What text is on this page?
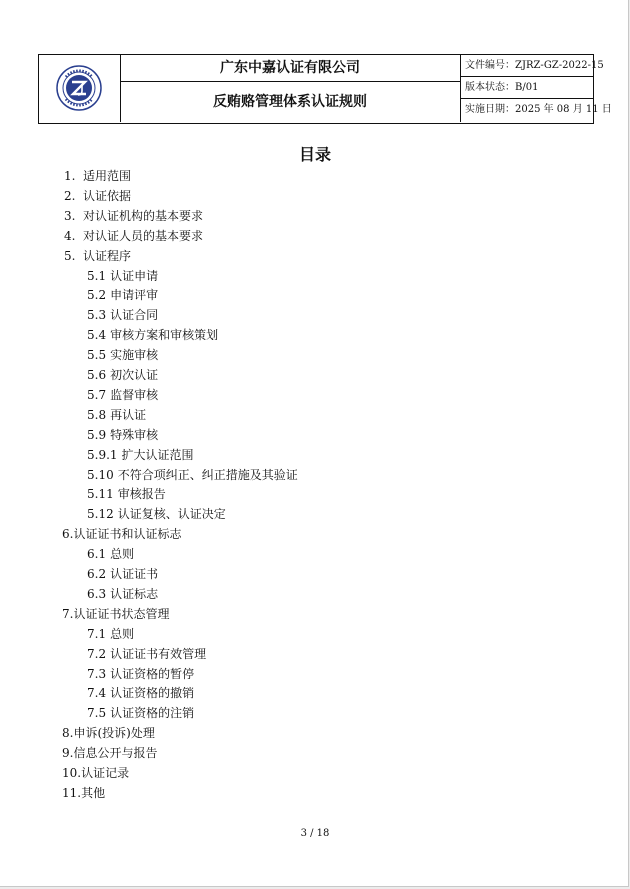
广东中嘉认证有限公司
反贿赂管理体系认证规则
文件编号：ZJRZ-GZ-2022-15
版本状态：B/01
实施日期：2025 年 08 月 11 日
目录
1. 适用范围
2. 认证依据
3. 对认证机构的基本要求
4. 对认证人员的基本要求
5. 认证程序
5.1 认证申请
5.2 申请评审
5.3 认证合同
5.4 审核方案和审核策划
5.5 实施审核
5.6 初次认证
5.7 监督审核
5.8 再认证
5.9 特殊审核
5.9.1 扩大认证范围
5.10 不符合项纠正、纠正措施及其验证
5.11 审核报告
5.12 认证复核、认证决定
6.认证证书和认证标志
6.1 总则
6.2 认证证书
6.3 认证标志
7.认证证书状态管理
7.1 总则
7.2 认证证书有效管理
7.3 认证资格的暂停
7.4 认证资格的撤销
7.5 认证资格的注销
8.申诉(投诉)处理
9.信息公开与报告
10.认证记录
11.其他
3 / 18
